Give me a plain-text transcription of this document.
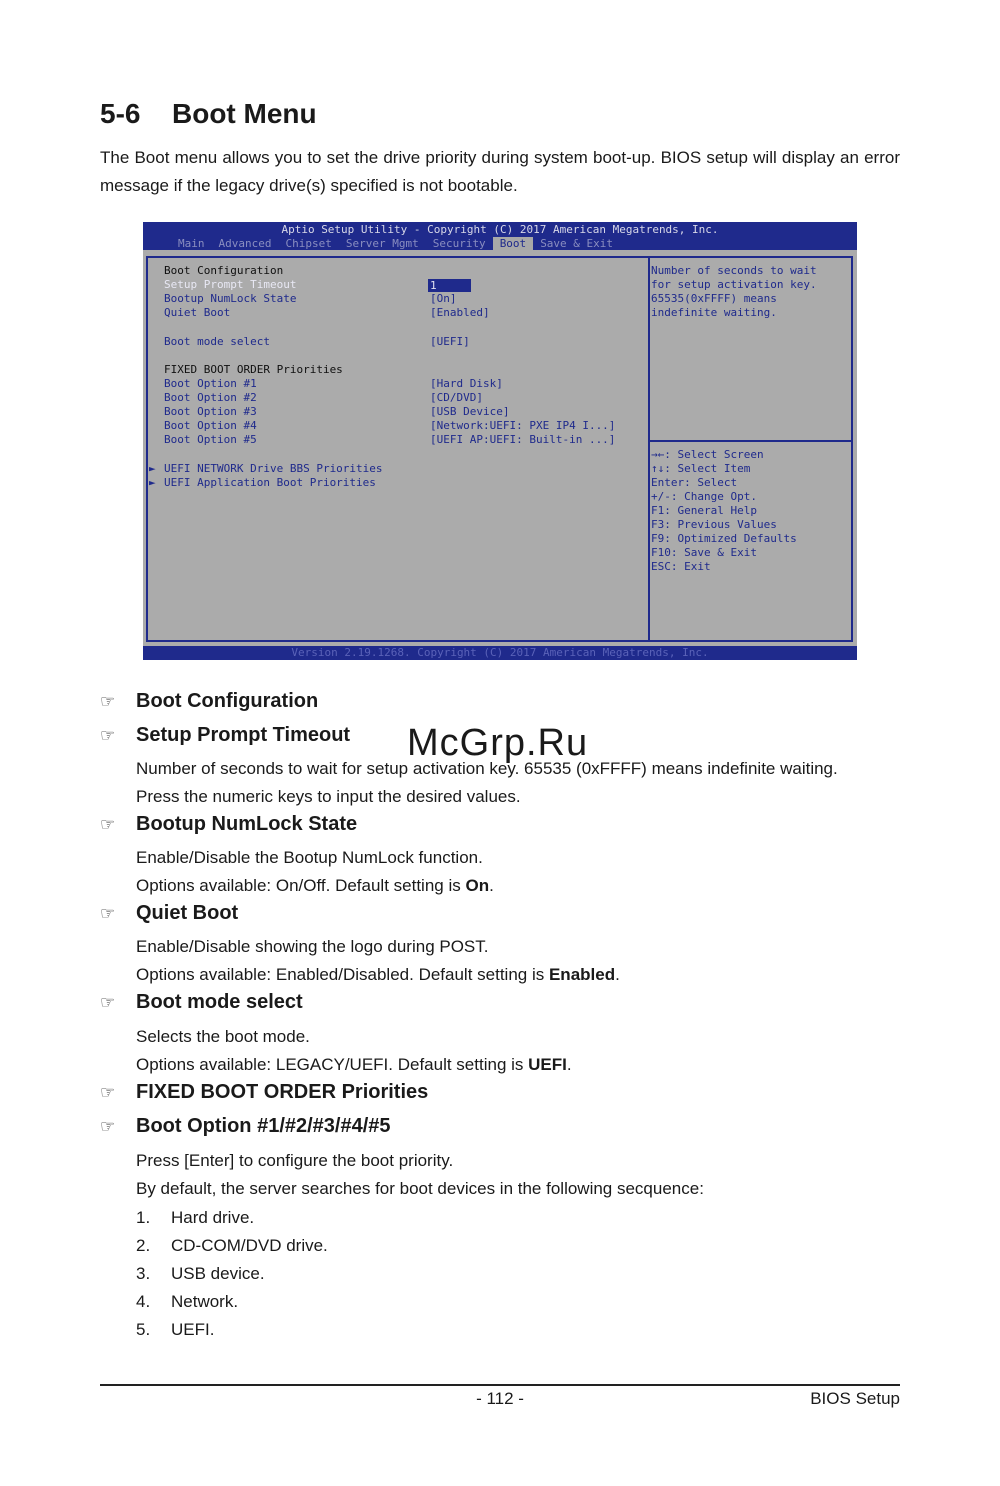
5-6 Boot Menu
The Boot menu allows you to set the drive priority during system boot-up. BIOS setup will display an error message if the legacy drive(s) specified is not bootable.
Aptio Setup Utility - Copyright (C) 2017 American Megatrends, Inc.
Main	Advanced	Chipset	Server Mgmt	Security	Boot	Save & Exit
Boot Configuration
Setup Prompt Timeout	1
Bootup NumLock State	[On]
Quiet Boot	[Enabled]
Boot mode select	[UEFI]
FIXED BOOT ORDER Priorities
Boot Option #1	[Hard Disk]
Boot Option #2	[CD/DVD]
Boot Option #3	[USB Device]
Boot Option #4	[Network:UEFI: PXE IP4 I...]
Boot Option #5	[UEFI AP:UEFI: Built-in ...]
► UEFI NETWORK Drive BBS Priorities
► UEFI Application Boot Priorities
Number of seconds to wait
for setup activation key.
65535(0xFFFF) means
indefinite waiting.
→←: Select Screen
↑↓: Select Item
Enter: Select
+/-: Change Opt.
F1: General Help
F3: Previous Values
F9: Optimized Defaults
F10: Save & Exit
ESC: Exit
Version 2.19.1268. Copyright (C) 2017 American Megatrends, Inc.
☞	Boot Configuration
☞	Setup Prompt Timeout
Number of seconds to wait for setup activation key. 65535 (0xFFFF) means indefinite waiting.
Press the numeric keys to input the desired values.
☞	Bootup NumLock State
Enable/Disable the Bootup NumLock function.
Options available: On/Off. Default setting is On.
☞	Quiet Boot
Enable/Disable showing the logo during POST.
Options available: Enabled/Disabled. Default setting is Enabled.
☞	Boot mode select
Selects the boot mode.
Options available: LEGACY/UEFI. Default setting is UEFI.
☞	FIXED BOOT ORDER Priorities
☞	Boot Option #1/#2/#3/#4/#5
Press [Enter] to configure the boot priority.
By default, the server searches for boot devices in the following secquence:
1. Hard drive.
2. CD-COM/DVD drive.
3. USB device.
4. Network.
5. UEFI.
McGrp.Ru
- 112 -	BIOS Setup
